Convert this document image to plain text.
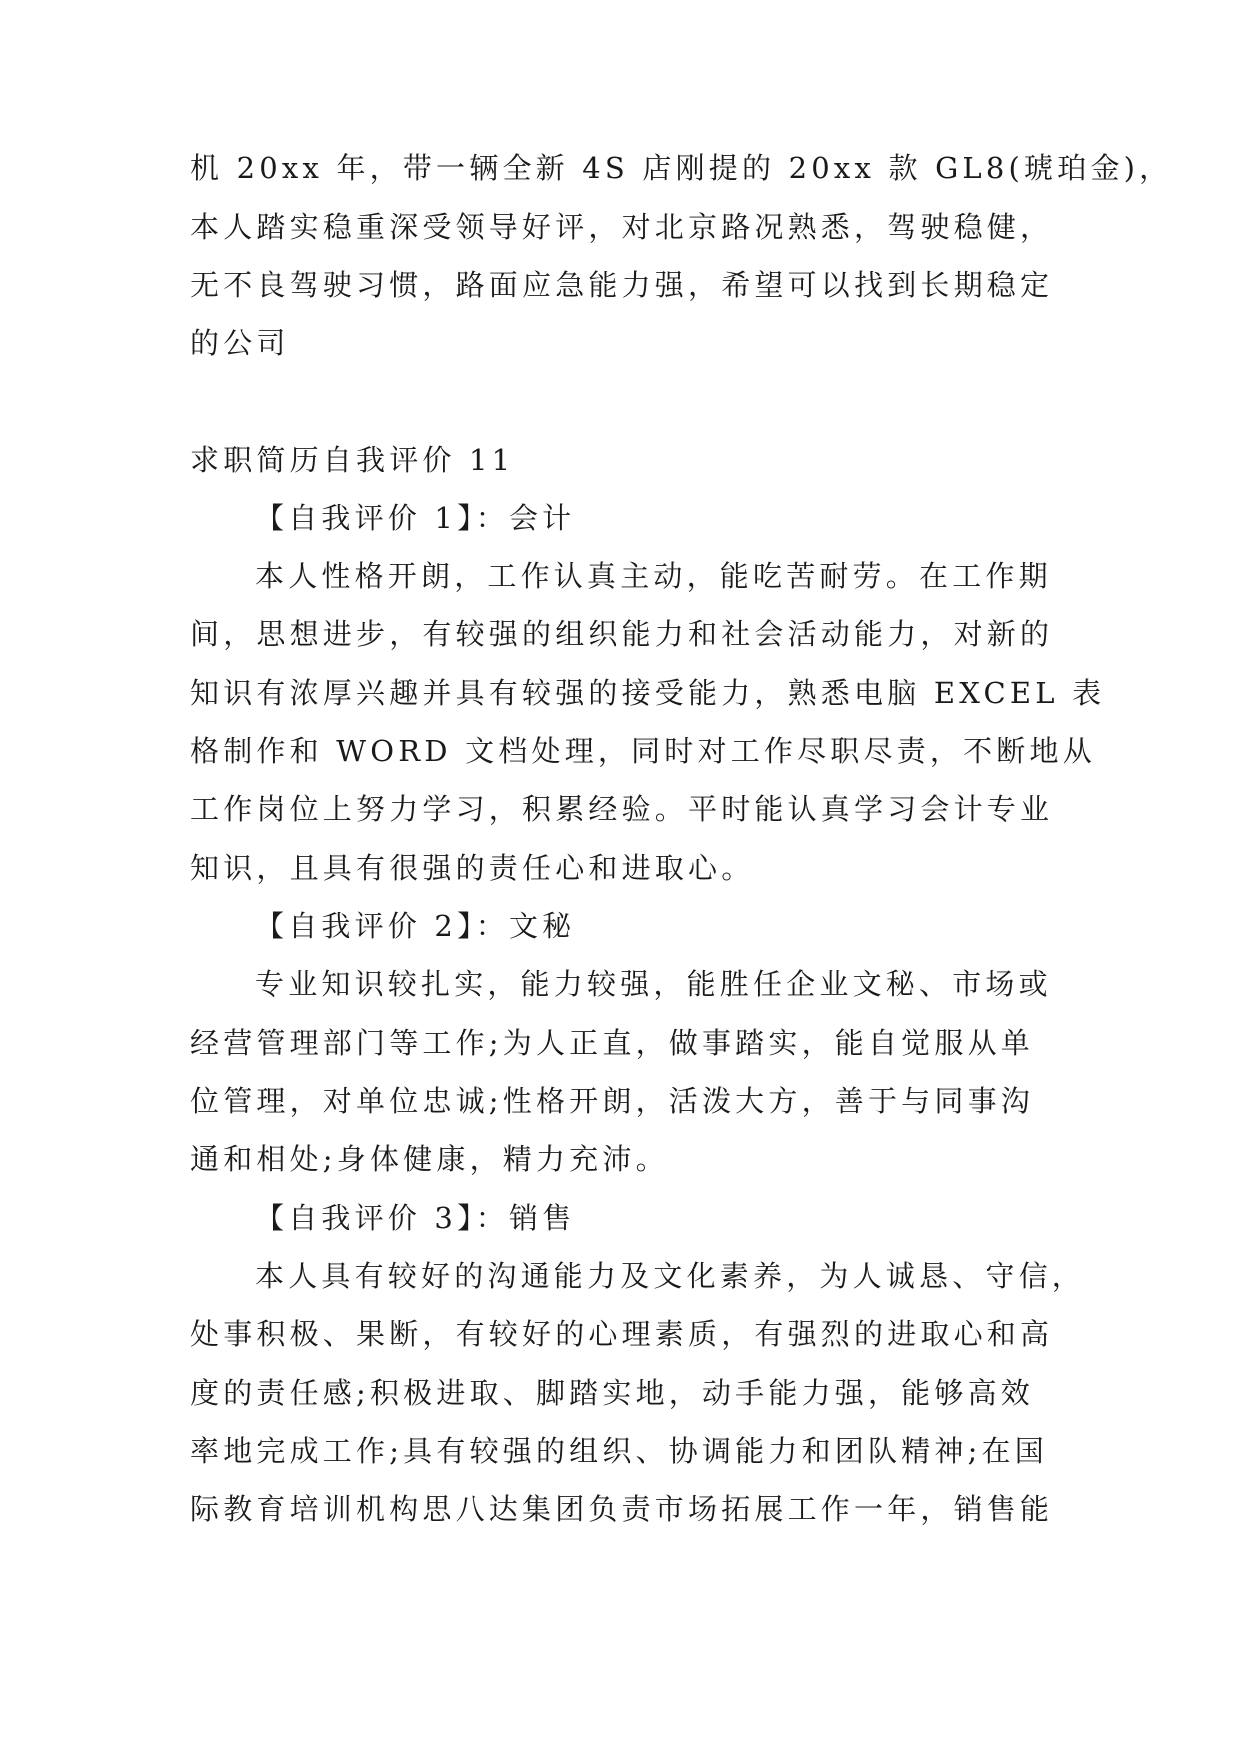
机 20xx 年，带一辆全新 4S 店刚提的 20xx 款 GL8(琥珀金)，
本人踏实稳重深受领导好评，对北京路况熟悉，驾驶稳健，
无不良驾驶习惯，路面应急能力强，希望可以找到长期稳定
的公司
求职简历自我评价 11
【自我评价 1】：会计
本人性格开朗，工作认真主动，能吃苦耐劳。在工作期
间，思想进步，有较强的组织能力和社会活动能力，对新的
知识有浓厚兴趣并具有较强的接受能力，熟悉电脑 EXCEL 表
格制作和 WORD 文档处理，同时对工作尽职尽责，不断地从
工作岗位上努力学习，积累经验。平时能认真学习会计专业
知识，且具有很强的责任心和进取心。
【自我评价 2】：文秘
专业知识较扎实，能力较强，能胜任企业文秘、市场或
经营管理部门等工作;为人正直，做事踏实，能自觉服从单
位管理，对单位忠诚;性格开朗，活泼大方，善于与同事沟
通和相处;身体健康，精力充沛。
【自我评价 3】：销售
本人具有较好的沟通能力及文化素养，为人诚恳、守信，
处事积极、果断，有较好的心理素质，有强烈的进取心和高
度的责任感;积极进取、脚踏实地，动手能力强，能够高效
率地完成工作;具有较强的组织、协调能力和团队精神;在国
际教育培训机构思八达集团负责市场拓展工作一年，销售能
